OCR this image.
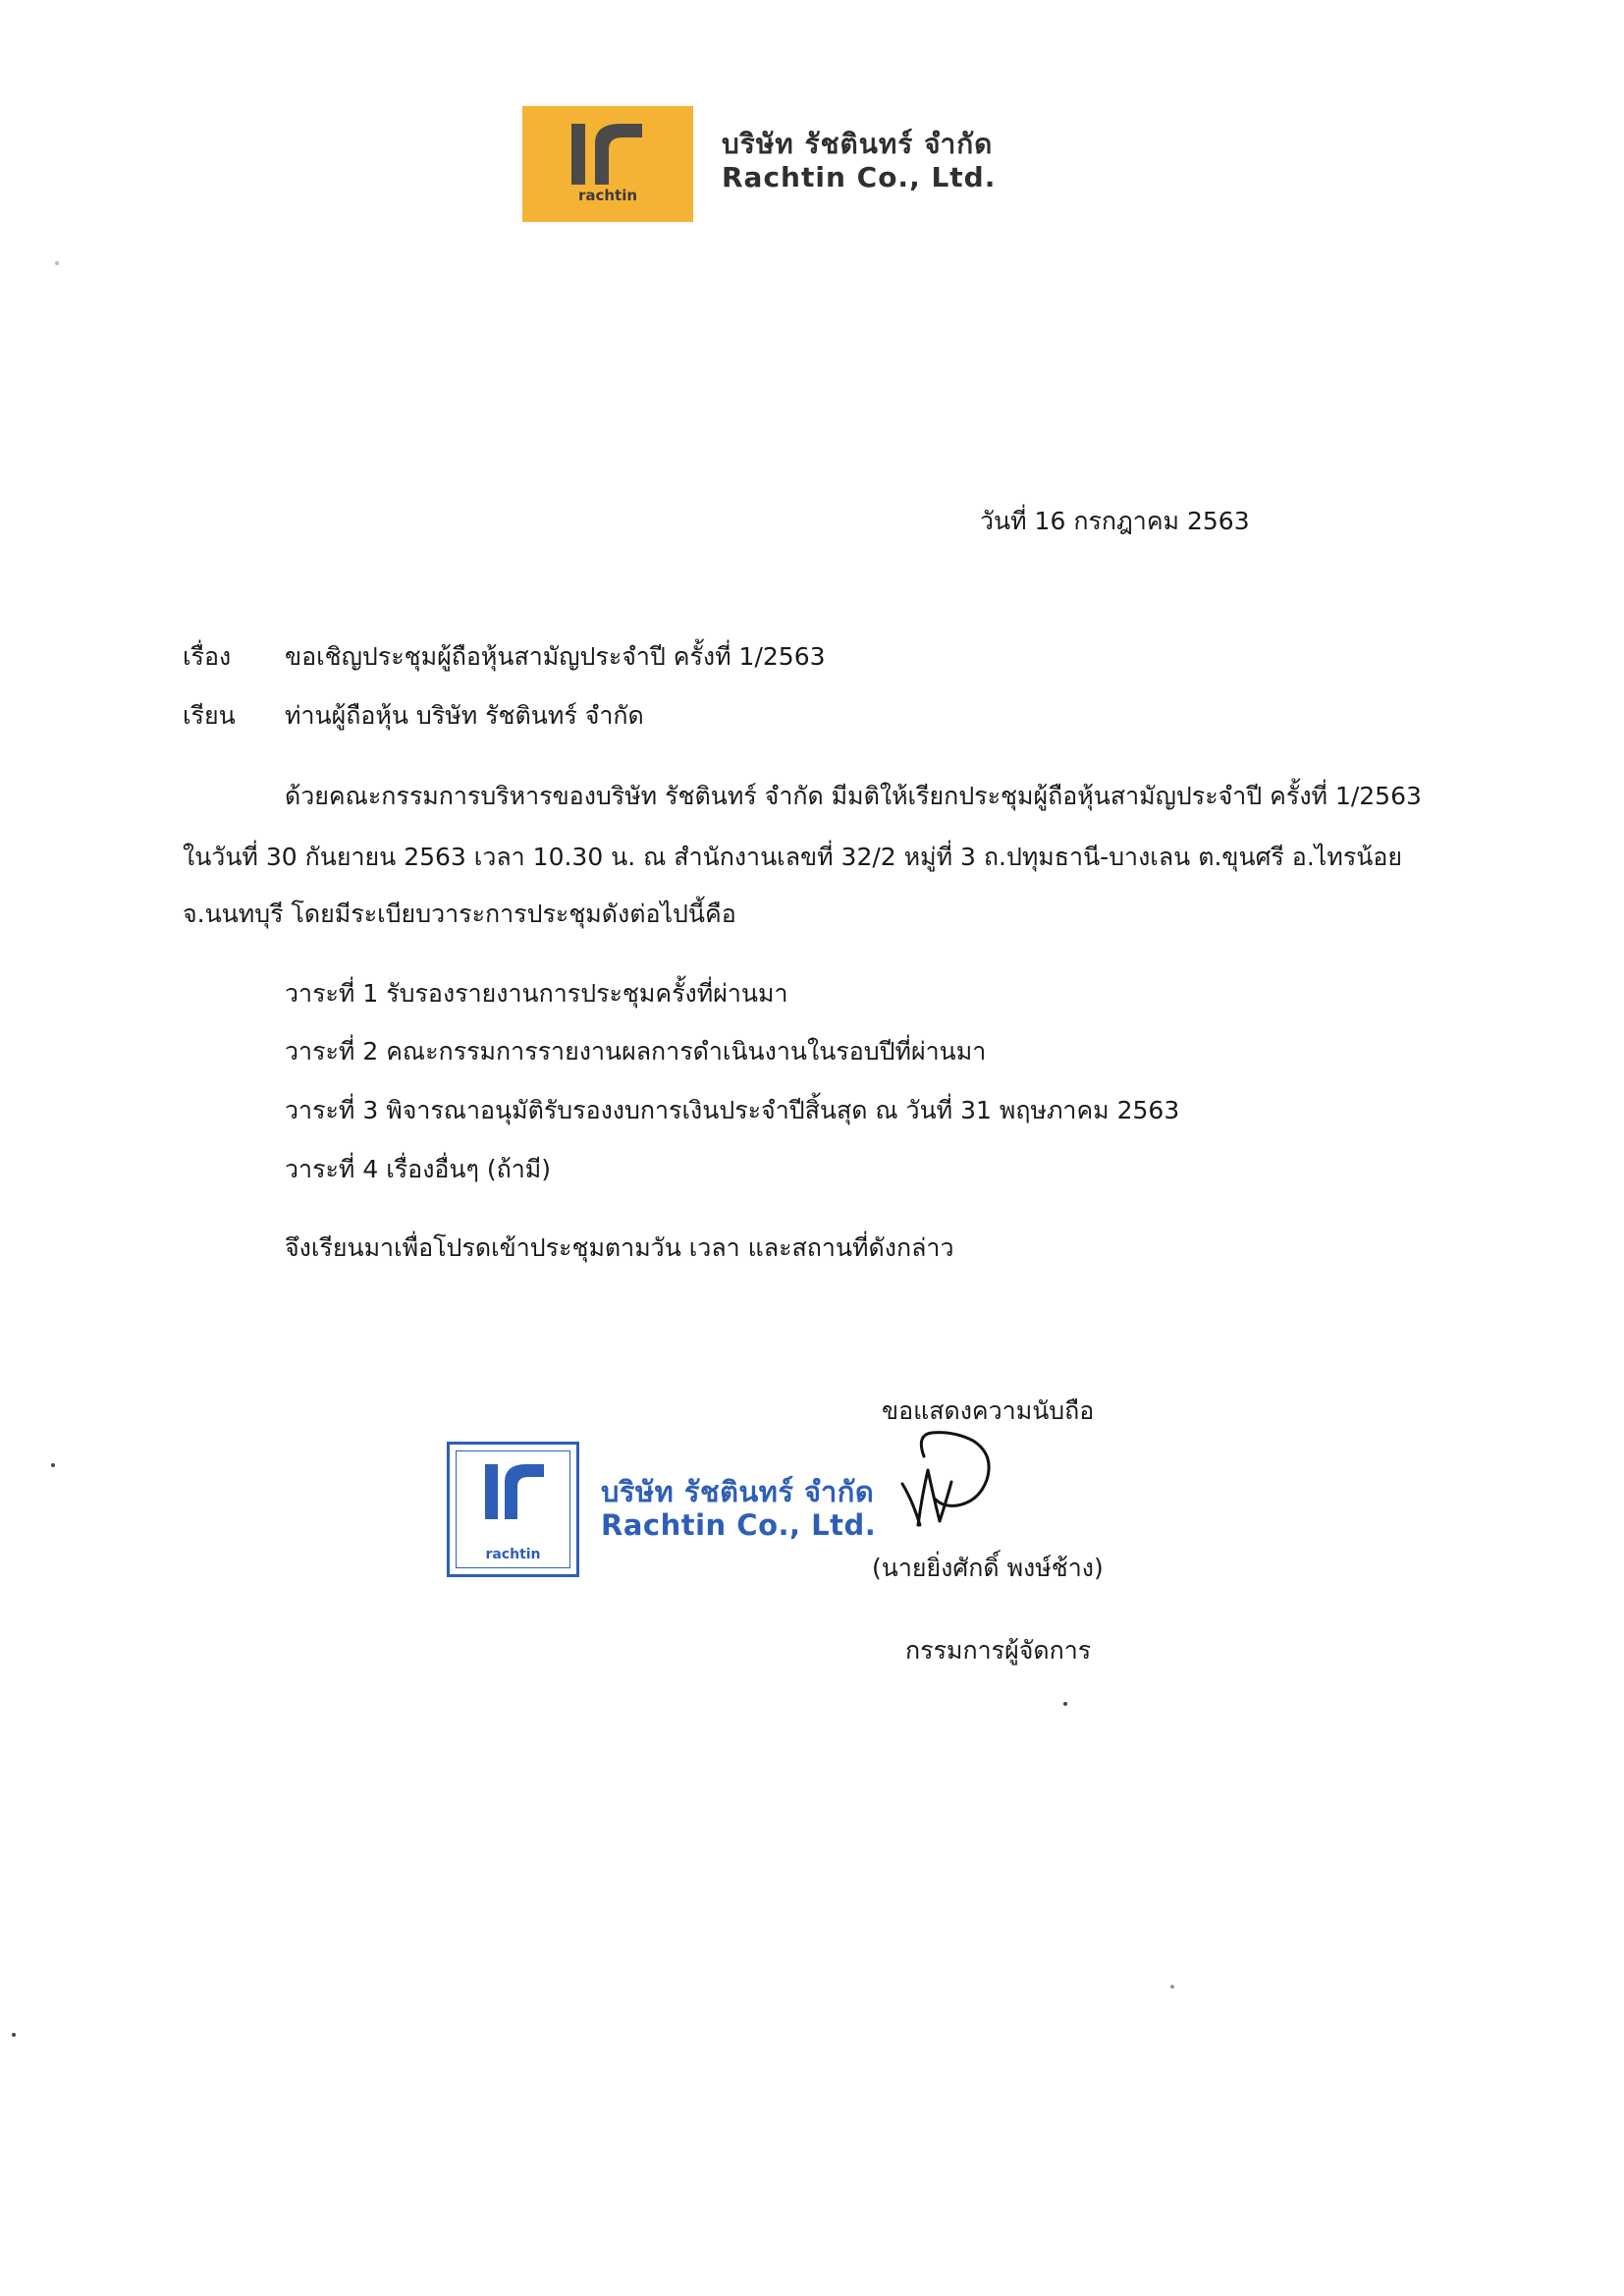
rachtin
บริษัท รัชตินทร์ จำกัด
Rachtin Co., Ltd.
วันที่ 16 กรกฎาคม 2563
เรื่อง ขอเชิญประชุมผู้ถือหุ้นสามัญประจำปี ครั้งที่ 1/2563
เรียน ท่านผู้ถือหุ้น บริษัท รัชตินทร์ จำกัด
ด้วยคณะกรรมการบริหารของบริษัท รัชตินทร์ จำกัด มีมติให้เรียกประชุมผู้ถือหุ้นสามัญประจำปี ครั้งที่ 1/2563
ในวันที่ 30 กันยายน 2563 เวลา 10.30 น. ณ สำนักงานเลขที่ 32/2 หมู่ที่ 3 ถ.ปทุมธานี-บางเลน ต.ขุนศรี อ.ไทรน้อย
จ.นนทบุรี โดยมีระเบียบวาระการประชุมดังต่อไปนี้คือ
วาระที่ 1 รับรองรายงานการประชุมครั้งที่ผ่านมา
วาระที่ 2 คณะกรรมการรายงานผลการดำเนินงานในรอบปีที่ผ่านมา
วาระที่ 3 พิจารณาอนุมัติรับรองงบการเงินประจำปีสิ้นสุด ณ วันที่ 31 พฤษภาคม 2563
วาระที่ 4 เรื่องอื่นๆ (ถ้ามี)
จึงเรียนมาเพื่อโปรดเข้าประชุมตามวัน เวลา และสถานที่ดังกล่าว
ขอแสดงความนับถือ
(นายยิ่งศักดิ์ พงษ์ช้าง)
กรรมการผู้จัดการ
rachtin
บริษัท รัชตินทร์ จำกัด
Rachtin Co., Ltd.
